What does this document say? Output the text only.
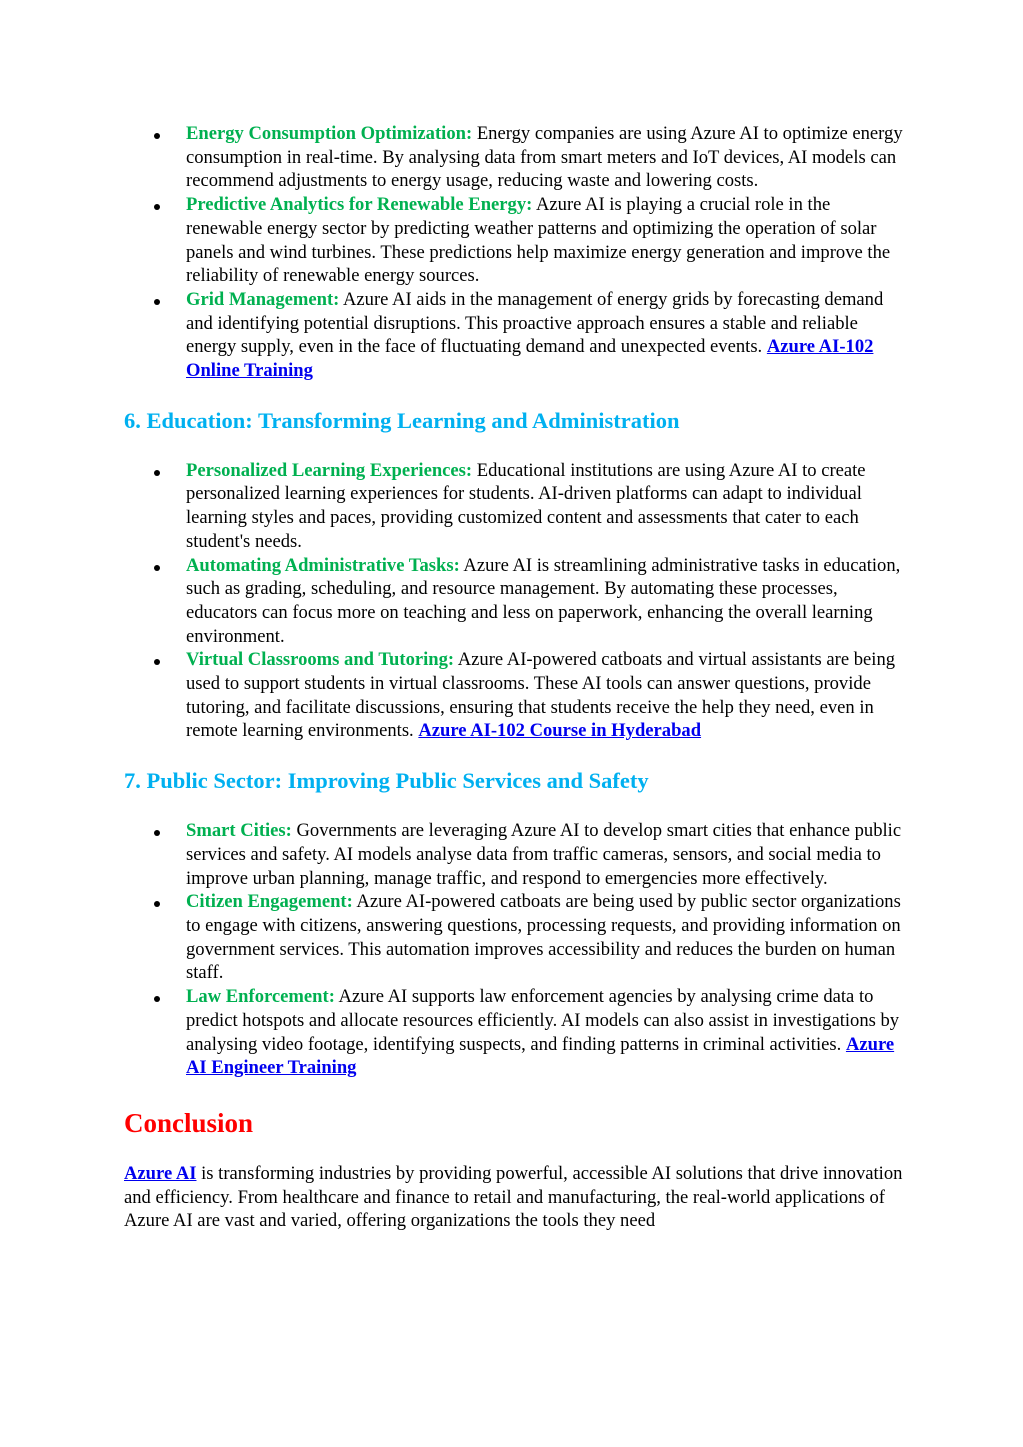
Energy Consumption Optimization: Energy companies are using Azure AI to optimize energy consumption in real-time. By analysing data from smart meters and IoT devices, AI models can recommend adjustments to energy usage, reducing waste and lowering costs.
Predictive Analytics for Renewable Energy: Azure AI is playing a crucial role in the renewable energy sector by predicting weather patterns and optimizing the operation of solar panels and wind turbines. These predictions help maximize energy generation and improve the reliability of renewable energy sources.
Grid Management: Azure AI aids in the management of energy grids by forecasting demand and identifying potential disruptions. This proactive approach ensures a stable and reliable energy supply, even in the face of fluctuating demand and unexpected events. Azure AI-102 Online Training
6. Education: Transforming Learning and Administration
Personalized Learning Experiences: Educational institutions are using Azure AI to create personalized learning experiences for students. AI-driven platforms can adapt to individual learning styles and paces, providing customized content and assessments that cater to each student's needs.
Automating Administrative Tasks: Azure AI is streamlining administrative tasks in education, such as grading, scheduling, and resource management. By automating these processes, educators can focus more on teaching and less on paperwork, enhancing the overall learning environment.
Virtual Classrooms and Tutoring: Azure AI-powered catboats and virtual assistants are being used to support students in virtual classrooms. These AI tools can answer questions, provide tutoring, and facilitate discussions, ensuring that students receive the help they need, even in remote learning environments. Azure AI-102 Course in Hyderabad
7. Public Sector: Improving Public Services and Safety
Smart Cities: Governments are leveraging Azure AI to develop smart cities that enhance public services and safety. AI models analyse data from traffic cameras, sensors, and social media to improve urban planning, manage traffic, and respond to emergencies more effectively.
Citizen Engagement: Azure AI-powered catboats are being used by public sector organizations to engage with citizens, answering questions, processing requests, and providing information on government services. This automation improves accessibility and reduces the burden on human staff.
Law Enforcement: Azure AI supports law enforcement agencies by analysing crime data to predict hotspots and allocate resources efficiently. AI models can also assist in investigations by analysing video footage, identifying suspects, and finding patterns in criminal activities. Azure AI Engineer Training
Conclusion

Azure AI is transforming industries by providing powerful, accessible AI solutions that drive innovation and efficiency. From healthcare and finance to retail and manufacturing, the real-world applications of Azure AI are vast and varied, offering organizations the tools they need
